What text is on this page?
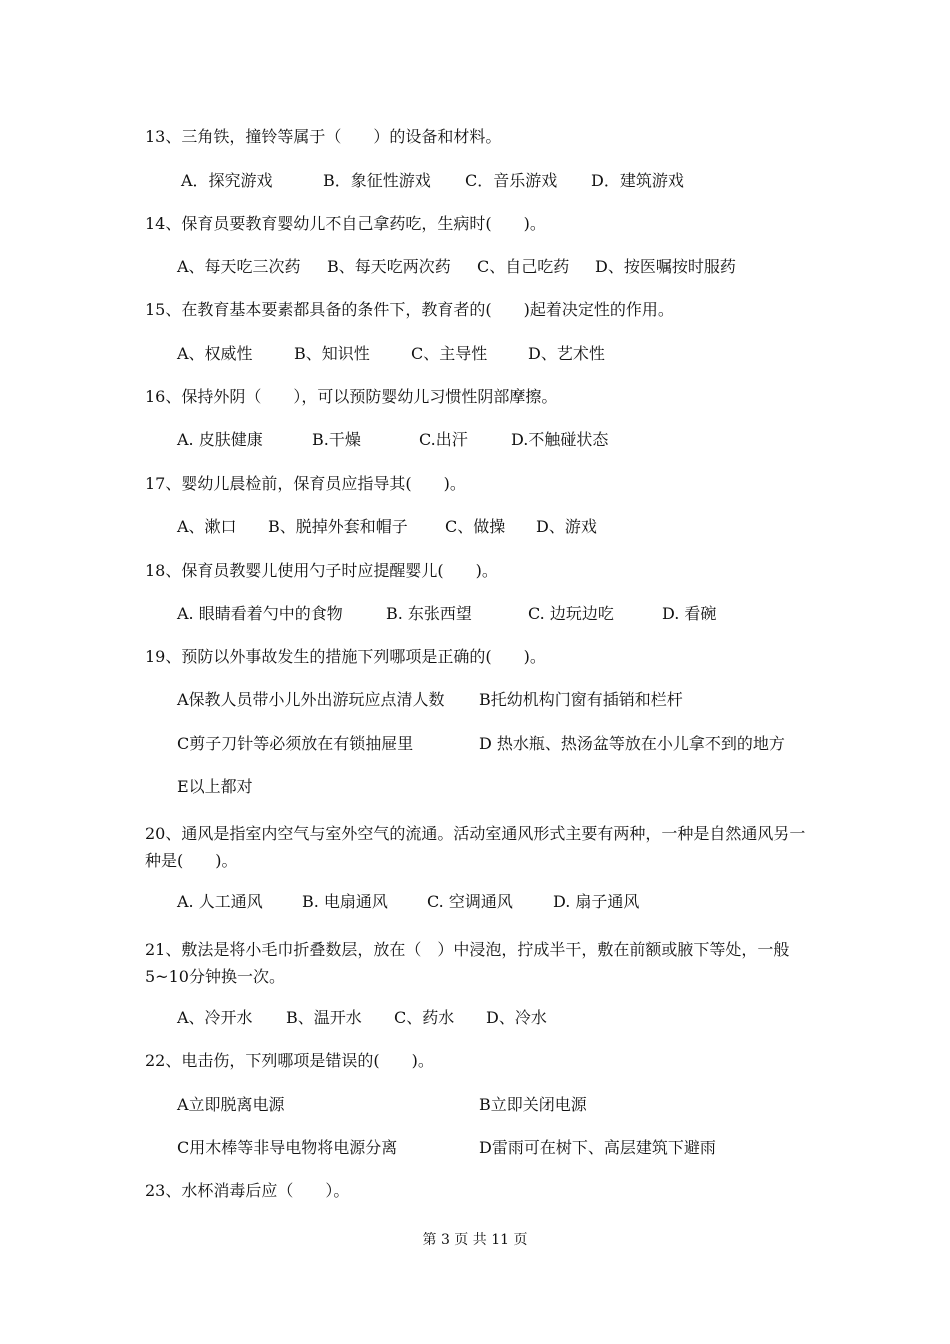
13、三角铁，撞铃等属于（　　）的设备和材料。
A．探究游戏	B．象征性游戏 C．音乐游戏 D．建筑游戏
14、保育员要教育婴幼儿不自己拿药吃，生病时(　　)。
A、每天吃三次药 B、每天吃两次药 C、自己吃药 D、按医嘱按时服药
15、在教育基本要素都具备的条件下，教育者的(　　)起着决定性的作用。
A、权威性	B、知识性	C、主导性	D、艺术性
16、保持外阴（　　），可以预防婴幼儿习惯性阴部摩擦。
A. 皮肤健康	B.干燥	C.出汗	D.不触碰状态
17、婴幼儿晨检前，保育员应指导其(　　)。
A、漱口 B、脱掉外套和帽子 C、做操 D、游戏
18、保育员教婴儿使用勺子时应提醒婴儿(　　)。
A. 眼睛看着勺中的食物	B. 东张西望	C. 边玩边吃	D. 看碗
19、预防以外事故发生的措施下列哪项是正确的(　　)。
A保教人员带小儿外出游玩应点清人数 B托幼机构门窗有插销和栏杆
C剪子刀针等必须放在有锁抽屉里	D 热水瓶、热汤盆等放在小儿拿不到的地方
E以上都对
20、通风是指室内空气与室外空气的流通。活动室通风形式主要有两种，一种是自然通风另一种是(　　)。
A. 人工通风 B. 电扇通风 C. 空调通风	D. 扇子通风
21、敷法是将小毛巾折叠数层，放在（　）中浸泡，拧成半干，敷在前额或腋下等处，一般5~10分钟换一次。
A、冷开水 B、温开水 C、药水 D、冷水
22、电击伤，下列哪项是错误的(　　)。
A立即脱离电源	B立即关闭电源
C用木棒等非导电物将电源分离	D雷雨可在树下、高层建筑下避雨
23、水杯消毒后应（　　）。
第 3 页 共 11 页
